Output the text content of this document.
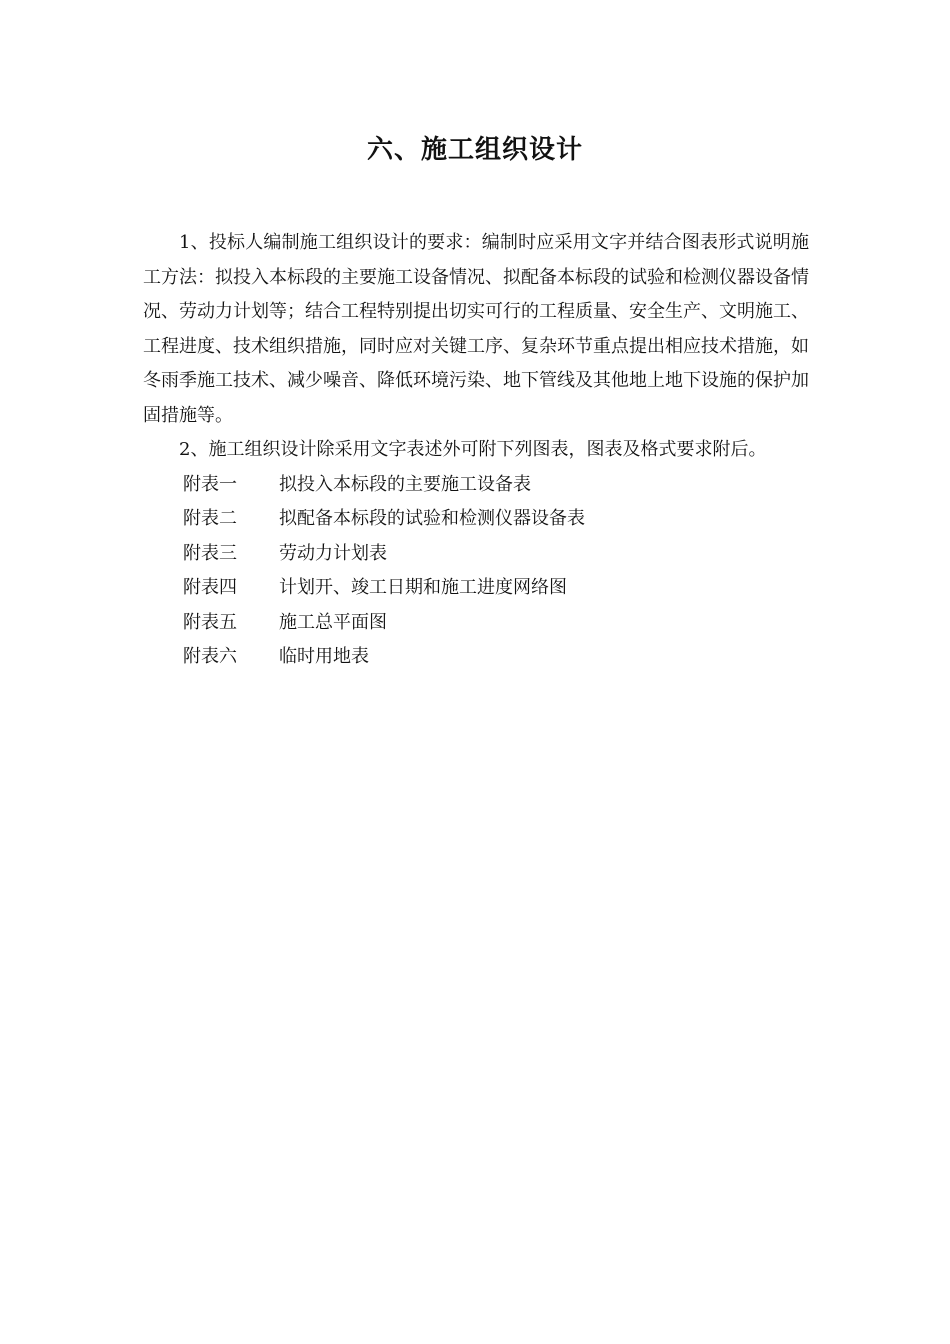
六、施工组织设计

1、投标人编制施工组织设计的要求：编制时应采用文字并结合图表形式说明施工方法：拟投入本标段的主要施工设备情况、拟配备本标段的试验和检测仪器设备情况、劳动力计划等；结合工程特别提出切实可行的工程质量、安全生产、文明施工、工程进度、技术组织措施，同时应对关键工序、复杂环节重点提出相应技术措施，如冬雨季施工技术、减少噪音、降低环境污染、地下管线及其他地上地下设施的保护加固措施等。

2、施工组织设计除采用文字表述外可附下列图表，图表及格式要求附后。

附表一	拟投入本标段的主要施工设备表
附表二	拟配备本标段的试验和检测仪器设备表
附表三	劳动力计划表
附表四	计划开、竣工日期和施工进度网络图
附表五	施工总平面图
附表六	临时用地表
